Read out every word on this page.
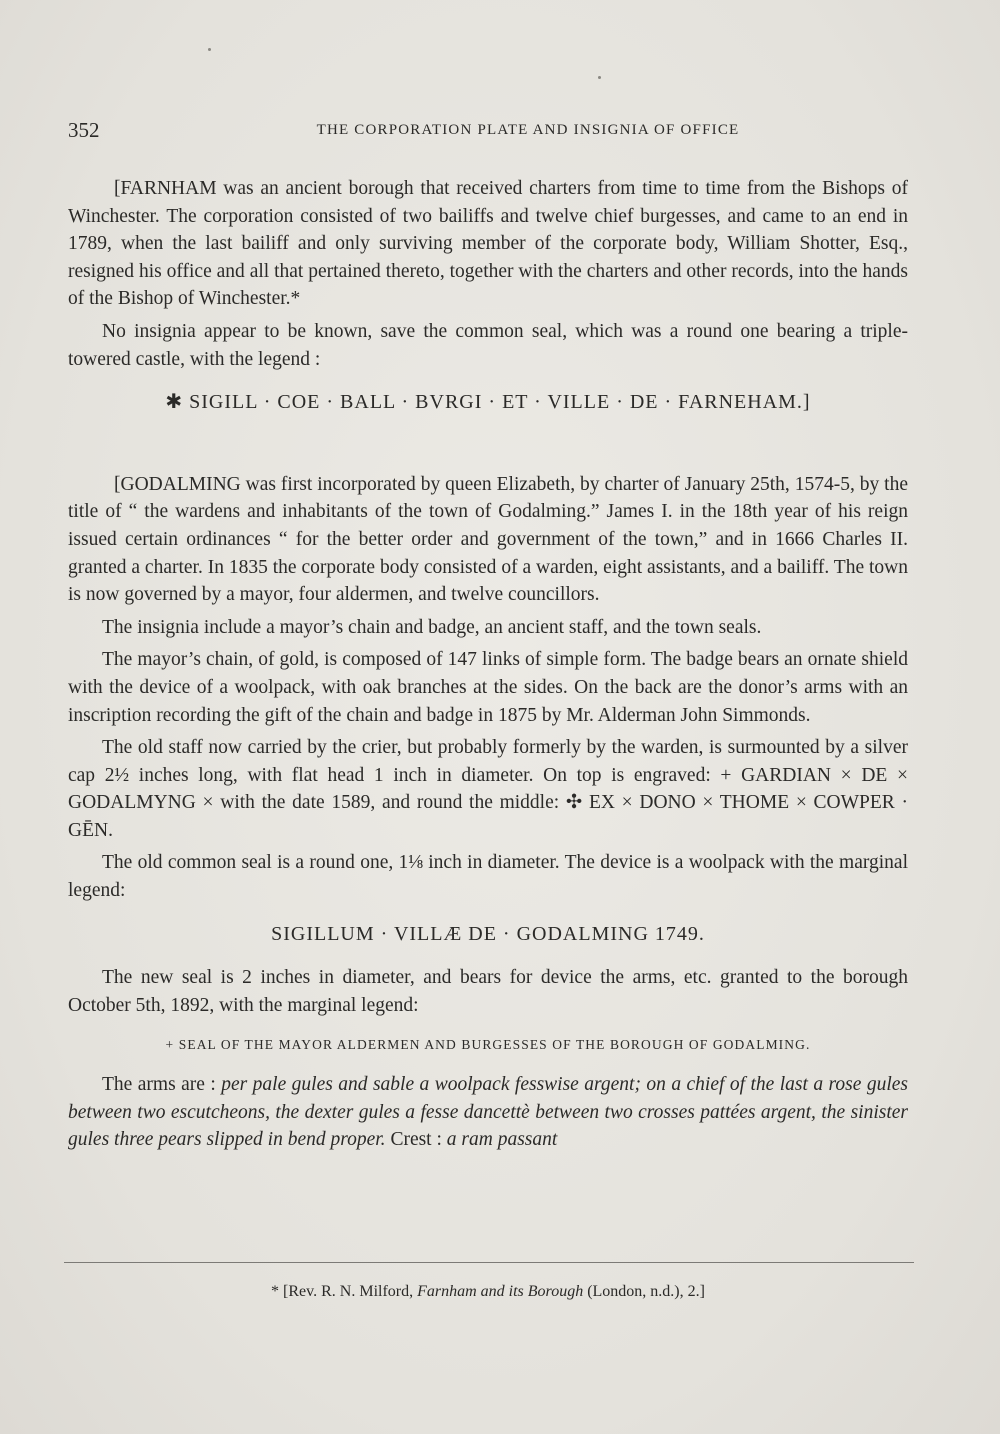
352	THE CORPORATION PLATE AND INSIGNIA OF OFFICE

[FARNHAM was an ancient borough that received charters from time to time from the Bishops of Winchester. The corporation consisted of two bailiffs and twelve chief burgesses, and came to an end in 1789, when the last bailiff and only surviving member of the corporate body, William Shotter, Esq., resigned his office and all that pertained thereto, together with the charters and other records, into the hands of the Bishop of Winchester.*

No insignia appear to be known, save the common seal, which was a round one bearing a triple-towered castle, with the legend :

✱ SIGILL · COE · BALL · BVRGI · ET · VILLE · DE · FARNEHAM.]

[GODALMING was first incorporated by queen Elizabeth, by charter of January 25th, 1574-5, by the title of “ the wardens and inhabitants of the town of Godalming.” James I. in the 18th year of his reign issued certain ordinances “ for the better order and government of the town,” and in 1666 Charles II. granted a charter. In 1835 the corporate body consisted of a warden, eight assistants, and a bailiff. The town is now governed by a mayor, four aldermen, and twelve councillors.

The insignia include a mayor’s chain and badge, an ancient staff, and the town seals.

The mayor’s chain, of gold, is composed of 147 links of simple form. The badge bears an ornate shield with the device of a woolpack, with oak branches at the sides. On the back are the donor’s arms with an inscription recording the gift of the chain and badge in 1875 by Mr. Alderman John Simmonds.

The old staff now carried by the crier, but probably formerly by the warden, is surmounted by a silver cap 2½ inches long, with flat head 1 inch in diameter. On top is engraved: + GARDIAN × DE × GODALMYNG × with the date 1589, and round the middle: ✣ EX × DONO × THOME × COWPER · GĒN.

The old common seal is a round one, 1⅛ inch in diameter. The device is a woolpack with the marginal legend:

SIGILLUM · VILLÆ DE · GODALMING 1749.

The new seal is 2 inches in diameter, and bears for device the arms, etc. granted to the borough October 5th, 1892, with the marginal legend:

+ SEAL OF THE MAYOR ALDERMEN AND BURGESSES OF THE BOROUGH OF GODALMING.

The arms are : per pale gules and sable a woolpack fesswise argent; on a chief of the last a rose gules between two escutcheons, the dexter gules a fesse dancettè between two crosses pattées argent, the sinister gules three pears slipped in bend proper. Crest : a ram passant

* [Rev. R. N. Milford, Farnham and its Borough (London, n.d.), 2.]
